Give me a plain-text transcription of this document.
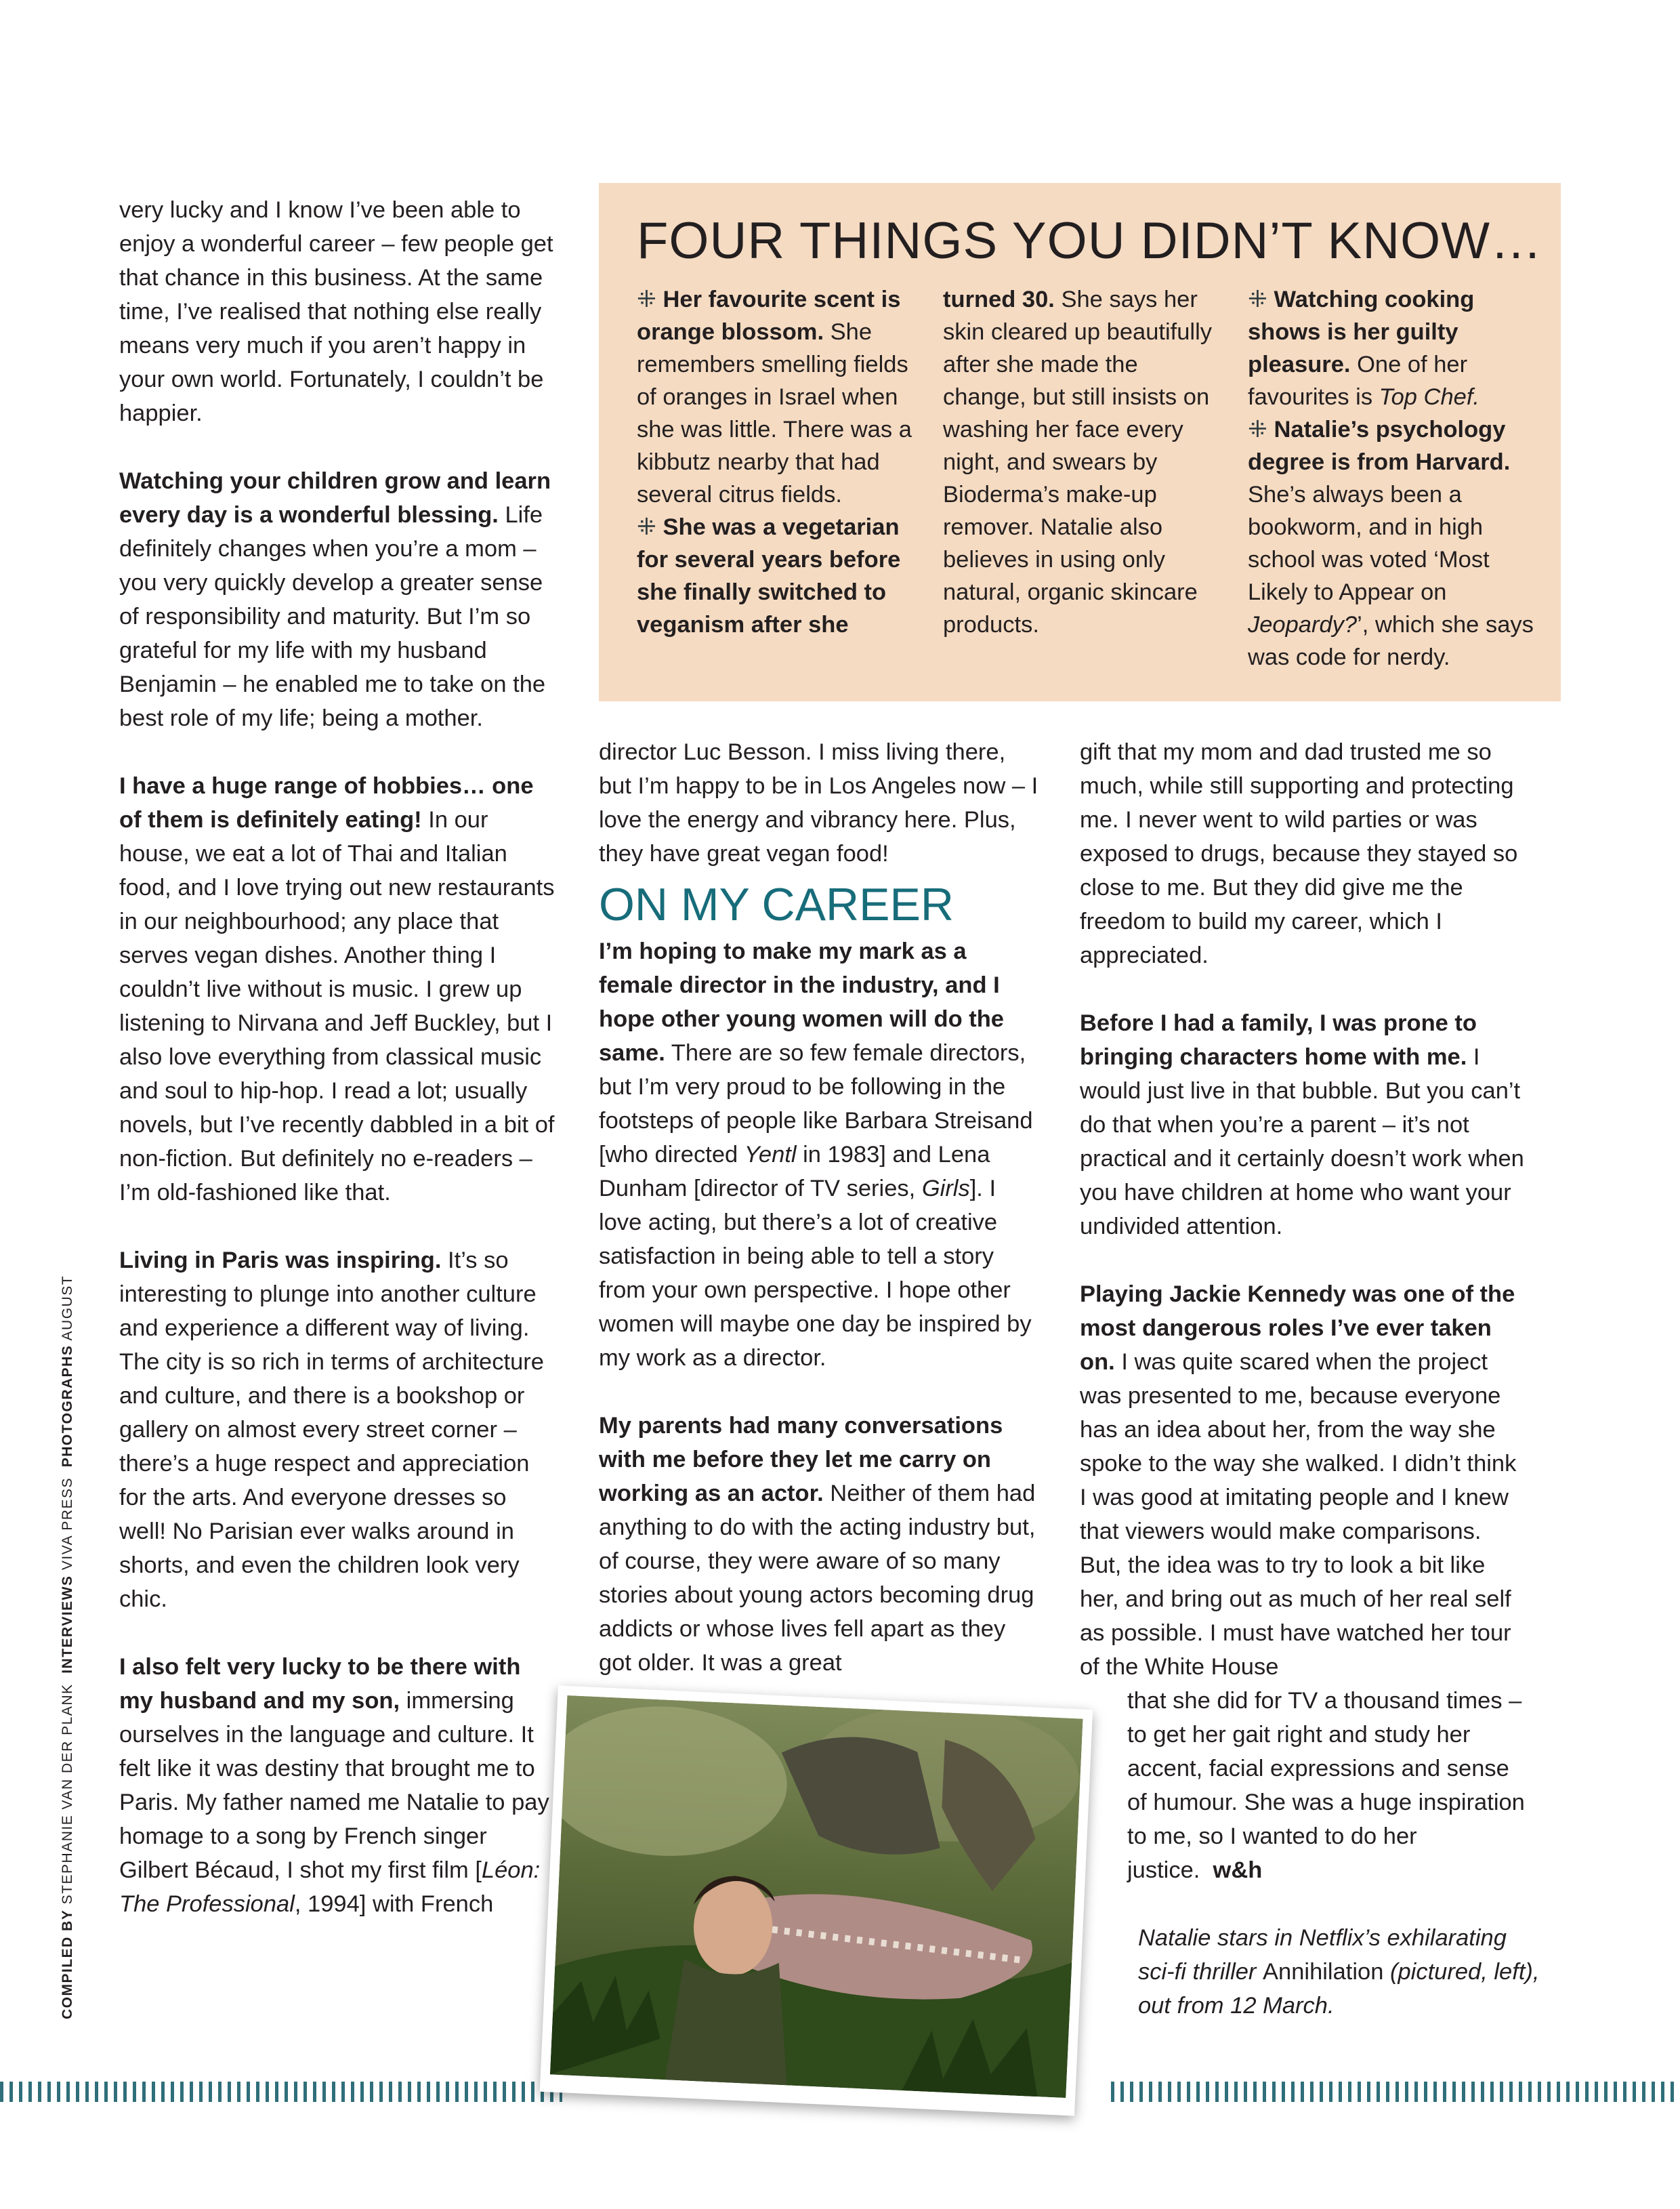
COMPILED BY STEPHANIE VAN DER PLANK  INTERVIEWS VIVA PRESS  PHOTOGRAPHS AUGUST

very lucky and I know I’ve been able to enjoy a wonderful career – few people get that chance in this business. At the same time, I’ve realised that nothing else really means very much if you aren’t happy in your own world. Fortunately, I couldn’t be happier.

Watching your children grow and learn every day is a wonderful blessing. Life definitely changes when you’re a mom – you very quickly develop a greater sense of responsibility and maturity. But I’m so grateful for my life with my husband Benjamin – he enabled me to take on the best role of my life; being a mother.

I have a huge range of hobbies… one of them is definitely eating! In our house, we eat a lot of Thai and Italian food, and I love trying out new restaurants in our neighbourhood; any place that serves vegan dishes. Another thing I couldn’t live without is music. I grew up listening to Nirvana and Jeff Buckley, but I also love everything from classical music and soul to hip-hop. I read a lot; usually novels, but I’ve recently dabbled in a bit of non-fiction. But definitely no e-readers – I’m old-fashioned like that.

Living in Paris was inspiring. It’s so interesting to plunge into another culture and experience a different way of living. The city is so rich in terms of architecture and culture, and there is a bookshop or gallery on almost every street corner – there’s a huge respect and appreciation for the arts. And everyone dresses so well! No Parisian ever walks around in shorts, and even the children look very chic.

I also felt very lucky to be there with my husband and my son, immersing ourselves in the language and culture. It felt like it was destiny that brought me to Paris. My father named me Natalie to pay homage to a song by French singer Gilbert Bécaud, I shot my first film [Léon: The Professional, 1994] with French

FOUR THINGS YOU DIDN’T KNOW…

⁜ Her favourite scent is orange blossom. She remembers smelling fields of oranges in Israel when she was little. There was a kibbutz nearby that had several citrus fields.

⁜ She was a vegetarian for several years before she finally switched to veganism after she

turned 30. She says her skin cleared up beautifully after she made the change, but still insists on washing her face every night, and swears by Bioderma’s make-up remover. Natalie also believes in using only natural, organic skincare products.

⁜ Watching cooking shows is her guilty pleasure. One of her favourites is Top Chef.

⁜ Natalie’s psychology degree is from Harvard. She’s always been a bookworm, and in high school was voted ‘Most Likely to Appear on Jeopardy?’, which she says was code for nerdy.

director Luc Besson. I miss living there, but I’m happy to be in Los Angeles now – I love the energy and vibrancy here. Plus, they have great vegan food!

ON MY CAREER

I’m hoping to make my mark as a female director in the industry, and I hope other young women will do the same. There are so few female directors, but I’m very proud to be following in the footsteps of people like Barbara Streisand [who directed Yentl in 1983] and Lena Dunham [director of TV series, Girls]. I love acting, but there’s a lot of creative satisfaction in being able to tell a story from your own perspective. I hope other women will maybe one day be inspired by my work as a director.

My parents had many conversations with me before they let me carry on working as an actor. Neither of them had anything to do with the acting industry but, of course, they were aware of so many stories about young actors becoming drug addicts or whose lives fell apart as they got older. It was a great

gift that my mom and dad trusted me so much, while still supporting and protecting me. I never went to wild parties or was exposed to drugs, because they stayed so close to me. But they did give me the freedom to build my career, which I appreciated.

Before I had a family, I was prone to bringing characters home with me. I would just live in that bubble. But you can’t do that when you’re a parent – it’s not practical and it certainly doesn’t work when you have children at home who want your undivided attention.

Playing Jackie Kennedy was one of the most dangerous roles I’ve ever taken on. I was quite scared when the project was presented to me, because everyone has an idea about her, from the way she spoke to the way she walked. I didn’t think I was good at imitating people and I knew that viewers would make comparisons. But, the idea was to try to look a bit like her, and bring out as much of her real self as possible. I must have watched her tour of the White House

that she did for TV a thousand times – to get her gait right and study her accent, facial expressions and sense of humour. She was a huge inspiration to me, so I wanted to do her justice. w&h

Natalie stars in Netflix’s exhilarating sci-fi thriller Annihilation (pictured, left), out from 12 March.
